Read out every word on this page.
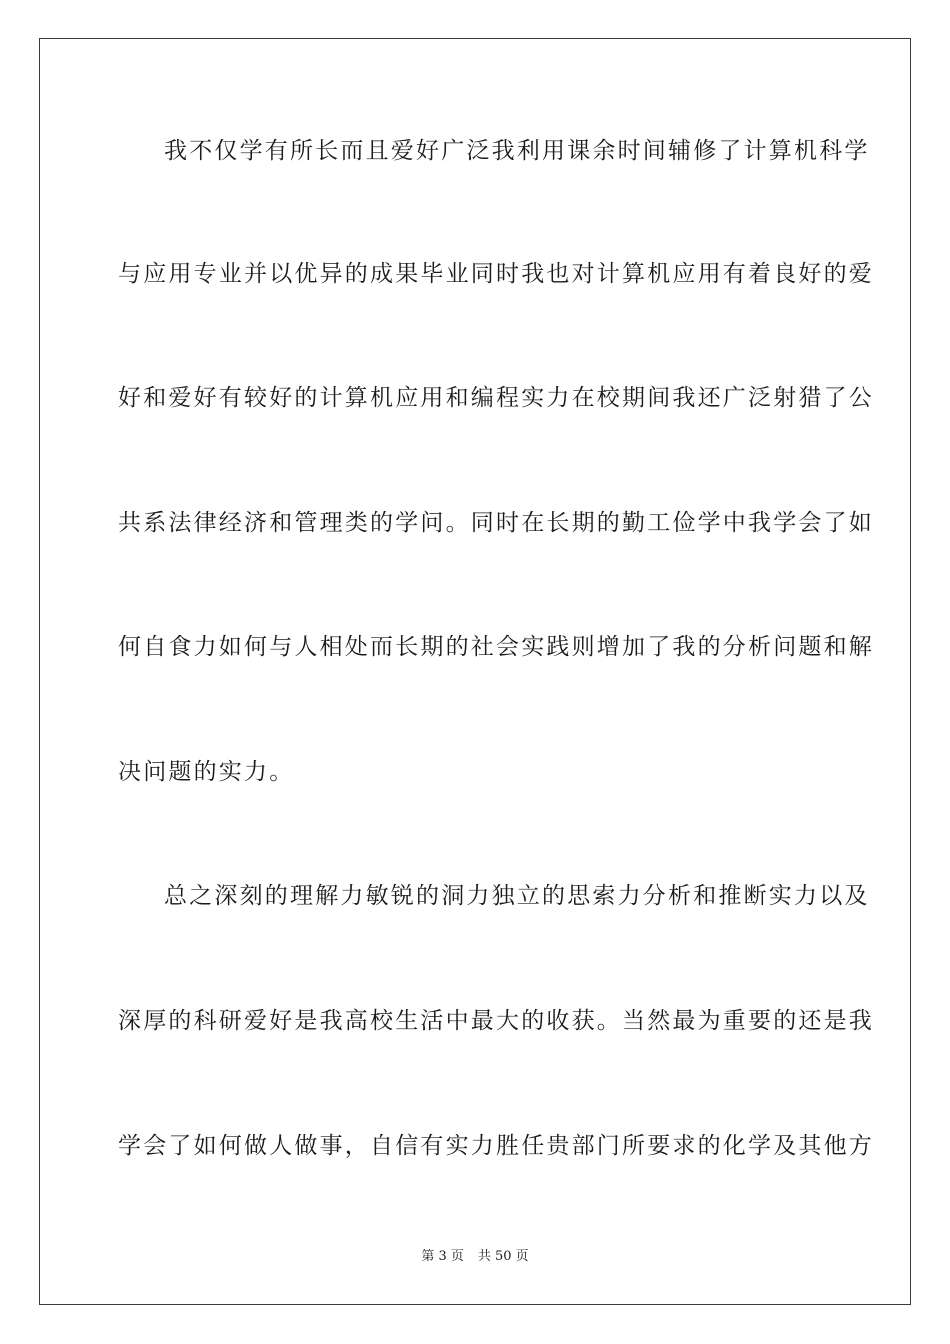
我不仅学有所长而且爱好广泛我利用课余时间辅修了计算机科学
与应用专业并以优异的成果毕业同时我也对计算机应用有着良好的爱
好和爱好有较好的计算机应用和编程实力在校期间我还广泛射猎了公
共系法律经济和管理类的学问。同时在长期的勤工俭学中我学会了如
何自食力如何与人相处而长期的社会实践则增加了我的分析问题和解
决问题的实力。
总之深刻的理解力敏锐的洞力独立的思索力分析和推断实力以及
深厚的科研爱好是我高校生活中最大的收获。当然最为重要的还是我
学会了如何做人做事，自信有实力胜任贵部门所要求的化学及其他方
第 3 页 共 50 页
